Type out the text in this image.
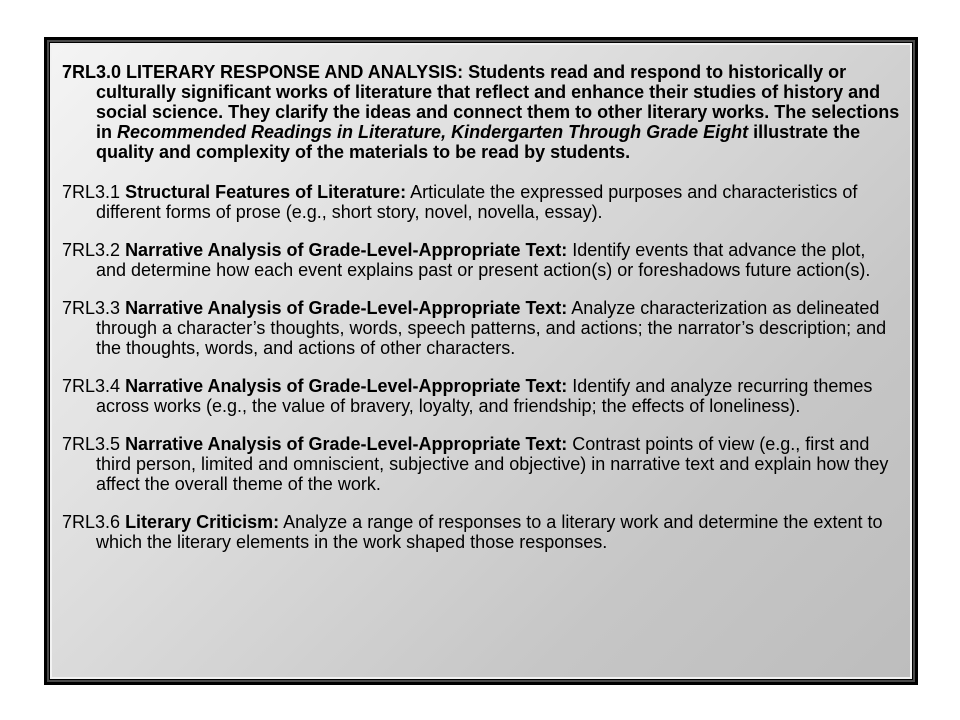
7RL3.0 LITERARY RESPONSE AND ANALYSIS: Students read and respond to historically or culturally significant works of literature that reflect and enhance their studies of history and social science. They clarify the ideas and connect them to other literary works. The selections in Recommended Readings in Literature, Kindergarten Through Grade Eight illustrate the quality and complexity of the materials to be read by students.

7RL3.1 Structural Features of Literature: Articulate the expressed purposes and characteristics of different forms of prose (e.g., short story, novel, novella, essay).

7RL3.2 Narrative Analysis of Grade-Level-Appropriate Text: Identify events that advance the plot, and determine how each event explains past or present action(s) or foreshadows future action(s).

7RL3.3 Narrative Analysis of Grade-Level-Appropriate Text: Analyze characterization as delineated through a character’s thoughts, words, speech patterns, and actions; the narrator’s description; and the thoughts, words, and actions of other characters.

7RL3.4 Narrative Analysis of Grade-Level-Appropriate Text: Identify and analyze recurring themes across works (e.g., the value of bravery, loyalty, and friendship; the effects of loneliness).

7RL3.5 Narrative Analysis of Grade-Level-Appropriate Text: Contrast points of view (e.g., first and third person, limited and omniscient, subjective and objective) in narrative text and explain how they affect the overall theme of the work.

7RL3.6 Literary Criticism: Analyze a range of responses to a literary work and determine the extent to which the literary elements in the work shaped those responses.
